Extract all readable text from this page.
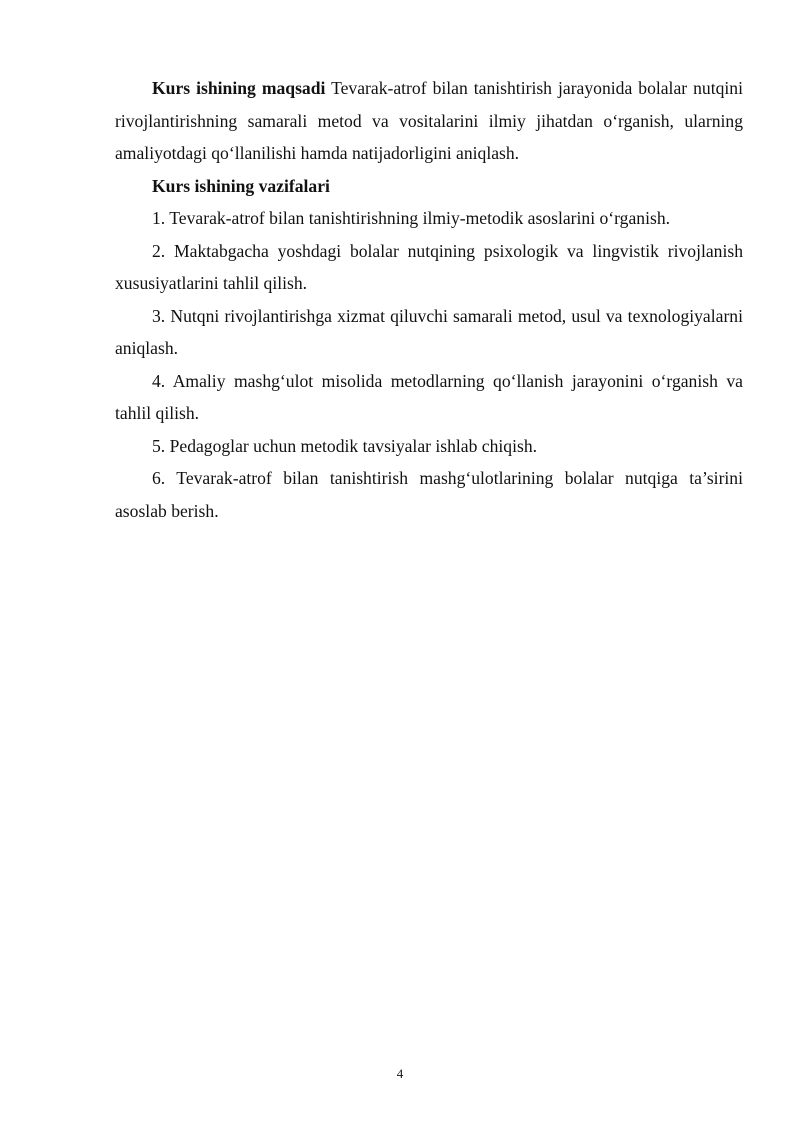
Kurs ishining maqsadi Tevarak-atrof bilan tanishtirish jarayonida bolalar nutqini rivojlantirishning samarali metod va vositalarini ilmiy jihatdan o‘rganish, ularning amaliyotdagi qo‘llanilishi hamda natijadorligini aniqlash.

Kurs ishining vazifalari

1. Tevarak-atrof bilan tanishtirishning ilmiy-metodik asoslarini o‘rganish.

2. Maktabgacha yoshdagi bolalar nutqining psixologik va lingvistik rivojlanish xususiyatlarini tahlil qilish.

3. Nutqni rivojlantirishga xizmat qiluvchi samarali metod, usul va texnologiyalarni aniqlash.

4. Amaliy mashg‘ulot misolida metodlarning qo‘llanish jarayonini o‘rganish va tahlil qilish.

5. Pedagoglar uchun metodik tavsiyalar ishlab chiqish.

6. Tevarak-atrof bilan tanishtirish mashg‘ulotlarining bolalar nutqiga ta’sirini asoslab berish.

4
